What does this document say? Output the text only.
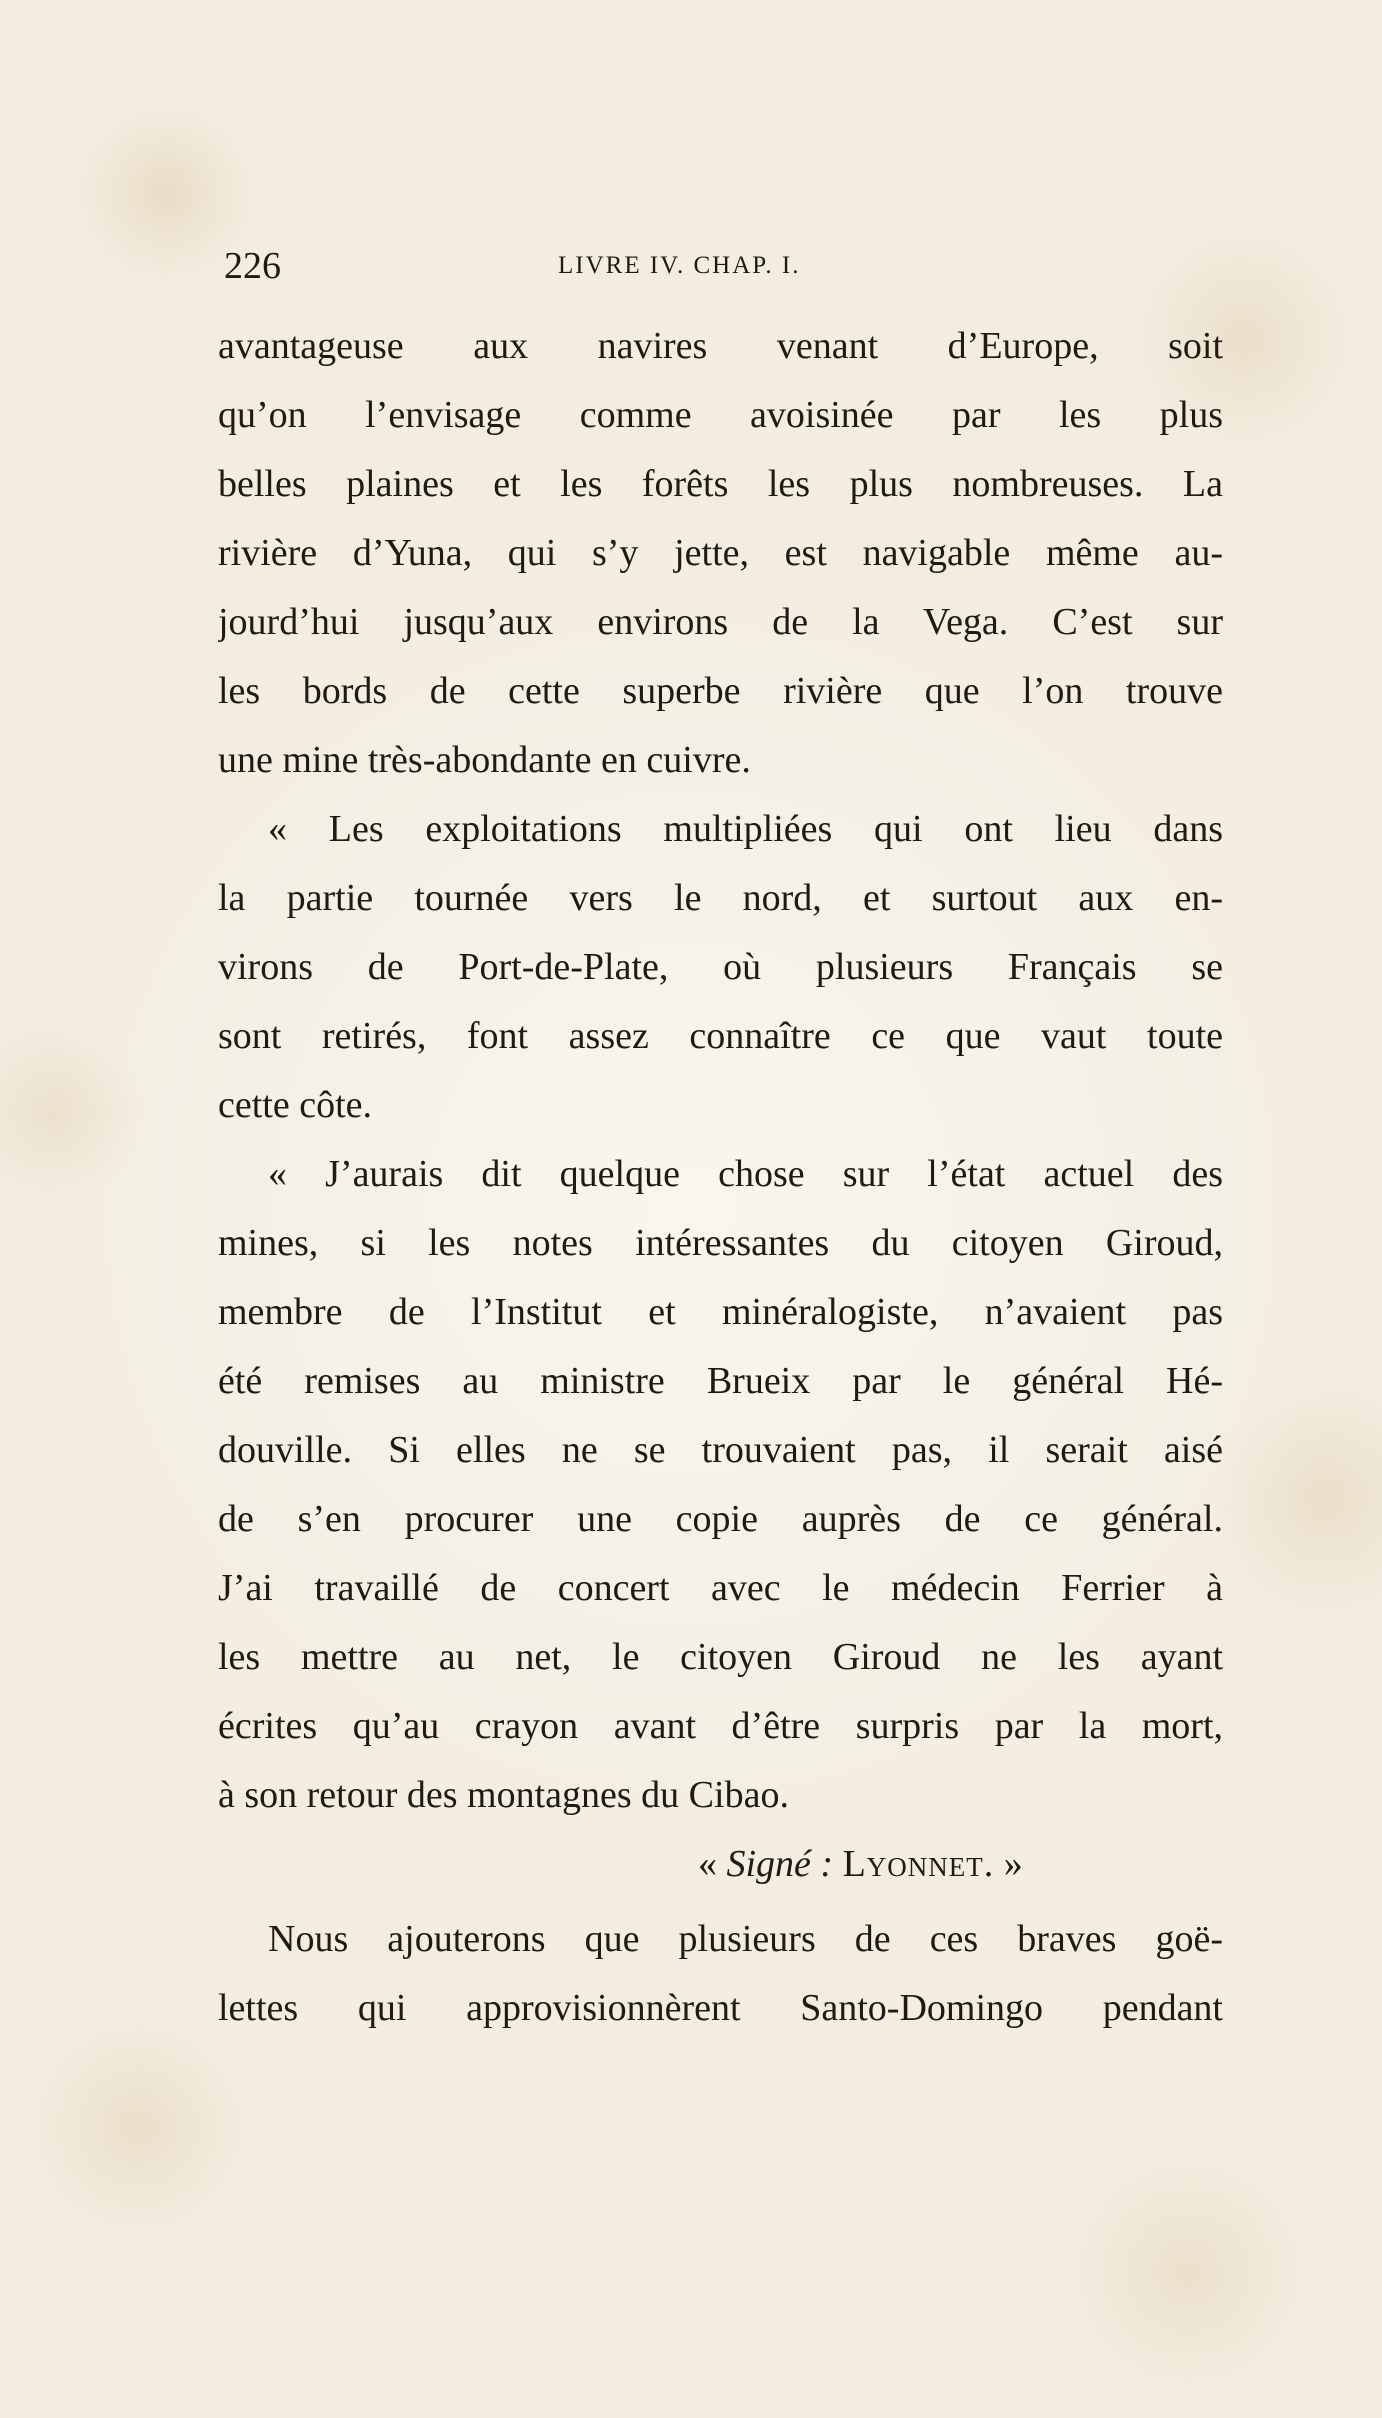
226	LIVRE IV. CHAP. I.
avantageuse aux navires venant d’Europe, soit
qu’on l’envisage comme avoisinée par les plus
belles plaines et les forêts les plus nombreuses. La
rivière d’Yuna, qui s’y jette, est navigable même au-
jourd’hui jusqu’aux environs de la Vega. C’est sur
les bords de cette superbe rivière que l’on trouve
une mine très-abondante en cuivre.
« Les exploitations multipliées qui ont lieu dans
la partie tournée vers le nord, et surtout aux en-
virons de Port-de-Plate, où plusieurs Français se
sont retirés, font assez connaître ce que vaut toute
cette côte.
« J’aurais dit quelque chose sur l’état actuel des
mines, si les notes intéressantes du citoyen Giroud,
membre de l’Institut et minéralogiste, n’avaient pas
été remises au ministre Brueix par le général Hé-
douville. Si elles ne se trouvaient pas, il serait aisé
de s’en procurer une copie auprès de ce général.
J’ai travaillé de concert avec le médecin Ferrier à
les mettre au net, le citoyen Giroud ne les ayant
écrites qu’au crayon avant d’être surpris par la mort,
à son retour des montagnes du Cibao.
« Signé : Lyonnet. »
Nous ajouterons que plusieurs de ces braves goë-
lettes qui approvisionnèrent Santo-Domingo pendant
